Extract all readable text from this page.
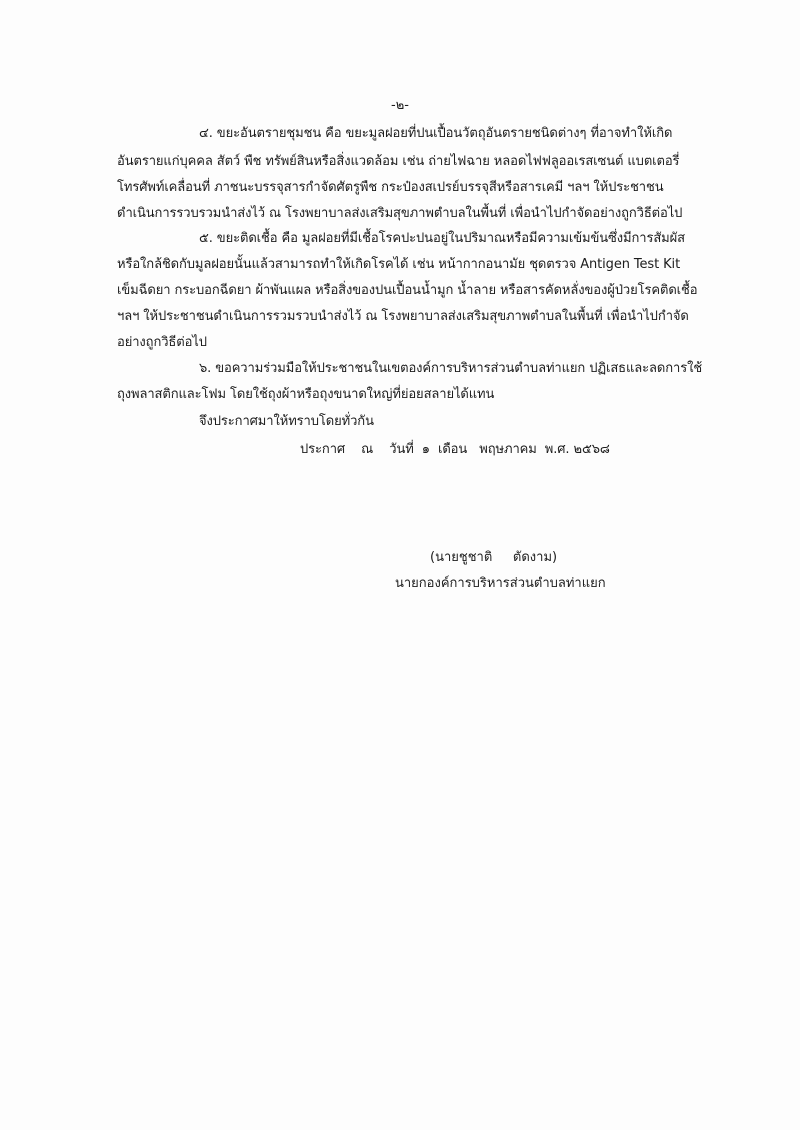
-๒-
๔. ขยะอันตรายชุมชน คือ ขยะมูลฝอยที่ปนเปื้อนวัตถุอันตรายชนิดต่างๆ ที่อาจทำให้เกิด
อันตรายแก่บุคคล สัตว์ พืช ทรัพย์สินหรือสิ่งแวดล้อม เช่น ถ่ายไฟฉาย หลอดไฟฟลูออเรสเซนต์ แบตเตอรี่
โทรศัพท์เคลื่อนที่ ภาชนะบรรจุสารกำจัดศัตรูพืช กระป๋องสเปรย์บรรจุสีหรือสารเคมี ฯลฯ ให้ประชาชน
ดำเนินการรวบรวมนำส่งไว้ ณ โรงพยาบาลส่งเสริมสุขภาพตำบลในพื้นที่ เพื่อนำไปกำจัดอย่างถูกวิธีต่อไป
๕. ขยะติดเชื้อ คือ มูลฝอยที่มีเชื้อโรคปะปนอยู่ในปริมาณหรือมีความเข้มข้นซึ่งมีการสัมผัส
หรือใกล้ชิดกับมูลฝอยนั้นแล้วสามารถทำให้เกิดโรคได้ เช่น หน้ากากอนามัย ชุดตรวจ Antigen Test Kit
เข็มฉีดยา กระบอกฉีดยา ผ้าพันแผล หรือสิ่งของปนเปื้อนน้ำมูก น้ำลาย หรือสารคัดหลั่งของผู้ป่วยโรคติดเชื้อ
ฯลฯ ให้ประชาชนดำเนินการรวมรวบนำส่งไว้ ณ โรงพยาบาลส่งเสริมสุขภาพตำบลในพื้นที่ เพื่อนำไปกำจัด
อย่างถูกวิธีต่อไป
๖. ขอความร่วมมือให้ประชาชนในเขตองค์การบริหารส่วนตำบลท่าแยก ปฏิเสธและลดการใช้
ถุงพลาสติกและโฟม โดยใช้ถุงผ้าหรือถุงขนาดใหญ่ที่ย่อยสลายได้แทน
จึงประกาศมาให้ทราบโดยทั่วกัน
ประกาศ    ณ    วันที่  ๑  เดือน   พฤษภาคม  พ.ศ. ๒๕๖๘
(นายชูชาติ     ตัดงาม)
นายกองค์การบริหารส่วนตำบลท่าแยก
